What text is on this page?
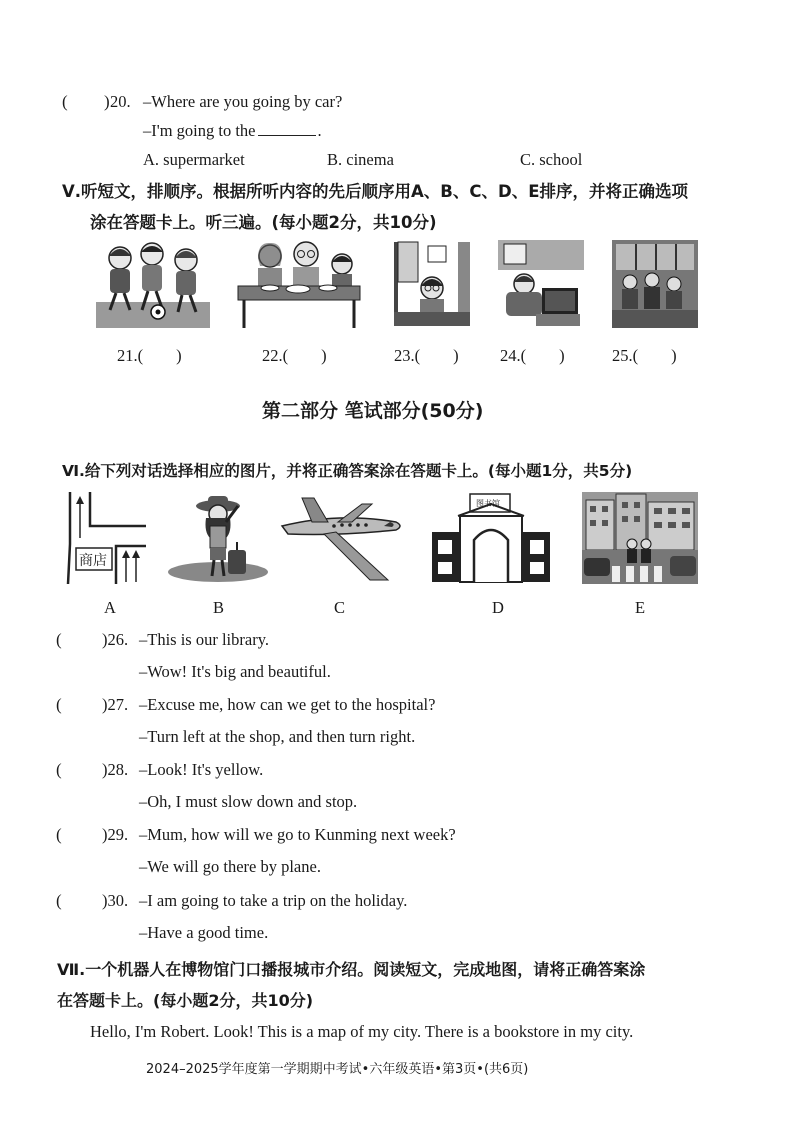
(	20.
) –Where are you going by car?
–I'm going to the	.
A. supermarket	B. cinema	C. school
Ⅴ.听短文，排顺序。根据所听内容的先后顺序用A、B、C、D、E排序，并将正确选项
涂在答题卡上。听三遍。(每小题2分，共10分)
21.(　　)	22.(　　)	23.(　　)	24.(　　)	25.(　　)
第二部分 笔试部分(50分)
Ⅵ.给下列对话选择相应的图片，并将正确答案涂在答题卡上。(每小题1分，共5分)
商店
图书馆
A	B	C	D	E
( )26. –This is our library.
–Wow! It's big and beautiful.
( )27. –Excuse me, how can we get to the hospital?
–Turn left at the shop, and then turn right.
( )28. –Look! It's yellow.
–Oh, I must slow down and stop.
( )29. –Mum, how will we go to Kunming next week?
–We will go there by plane.
( )30. –I am going to take a trip on the holiday.
–Have a good time.
Ⅶ.一个机器人在博物馆门口播报城市介绍。阅读短文，完成地图，请将正确答案涂
在答题卡上。(每小题2分，共10分)
Hello, I'm Robert. Look! This is a map of my city. There is a bookstore in my city.
2024–2025学年度第一学期期中考试•六年级英语•第3页•(共6页)
